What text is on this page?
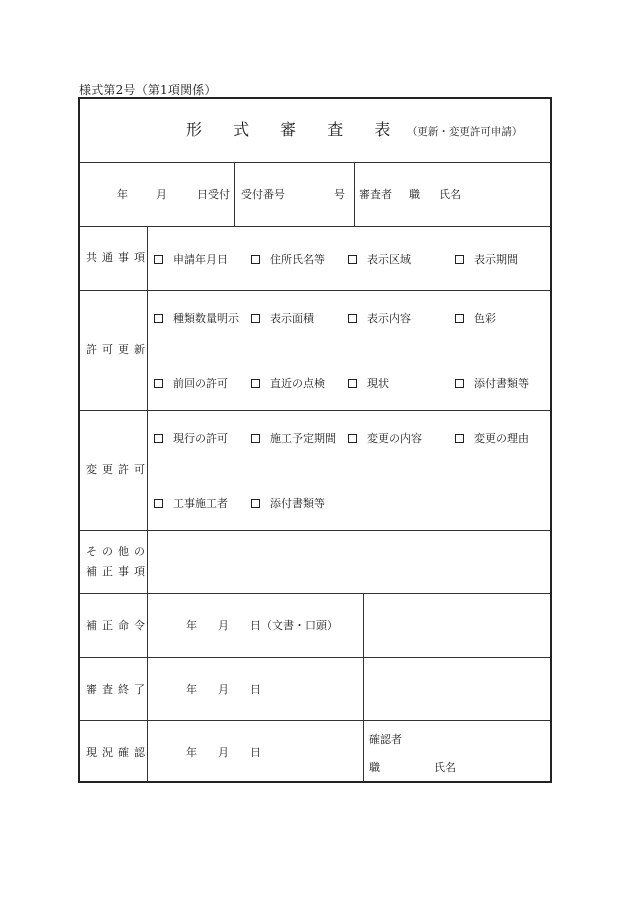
様式第2号（第1項関係）
形 式 審 査 表 （更新・変更許可申請）
年	月	日受付 受付番号	号 審査者 職 氏名
共通事項 申請年月日	住所氏名等	表示区域	表示期間
許可更新
種類数量明示	表示面積	表示内容	色彩
前回の許可	直近の点検	現状	添付書類等
変更許可
現行の許可	施工予定期間	変更の内容	変更の理由
工事施工者	添付書類等
その他の
補正事項
補正命令	年 月 日（文書・口頭）
審査終了	年 月 日
現況確認	年 月 日
確認者
職	氏名
